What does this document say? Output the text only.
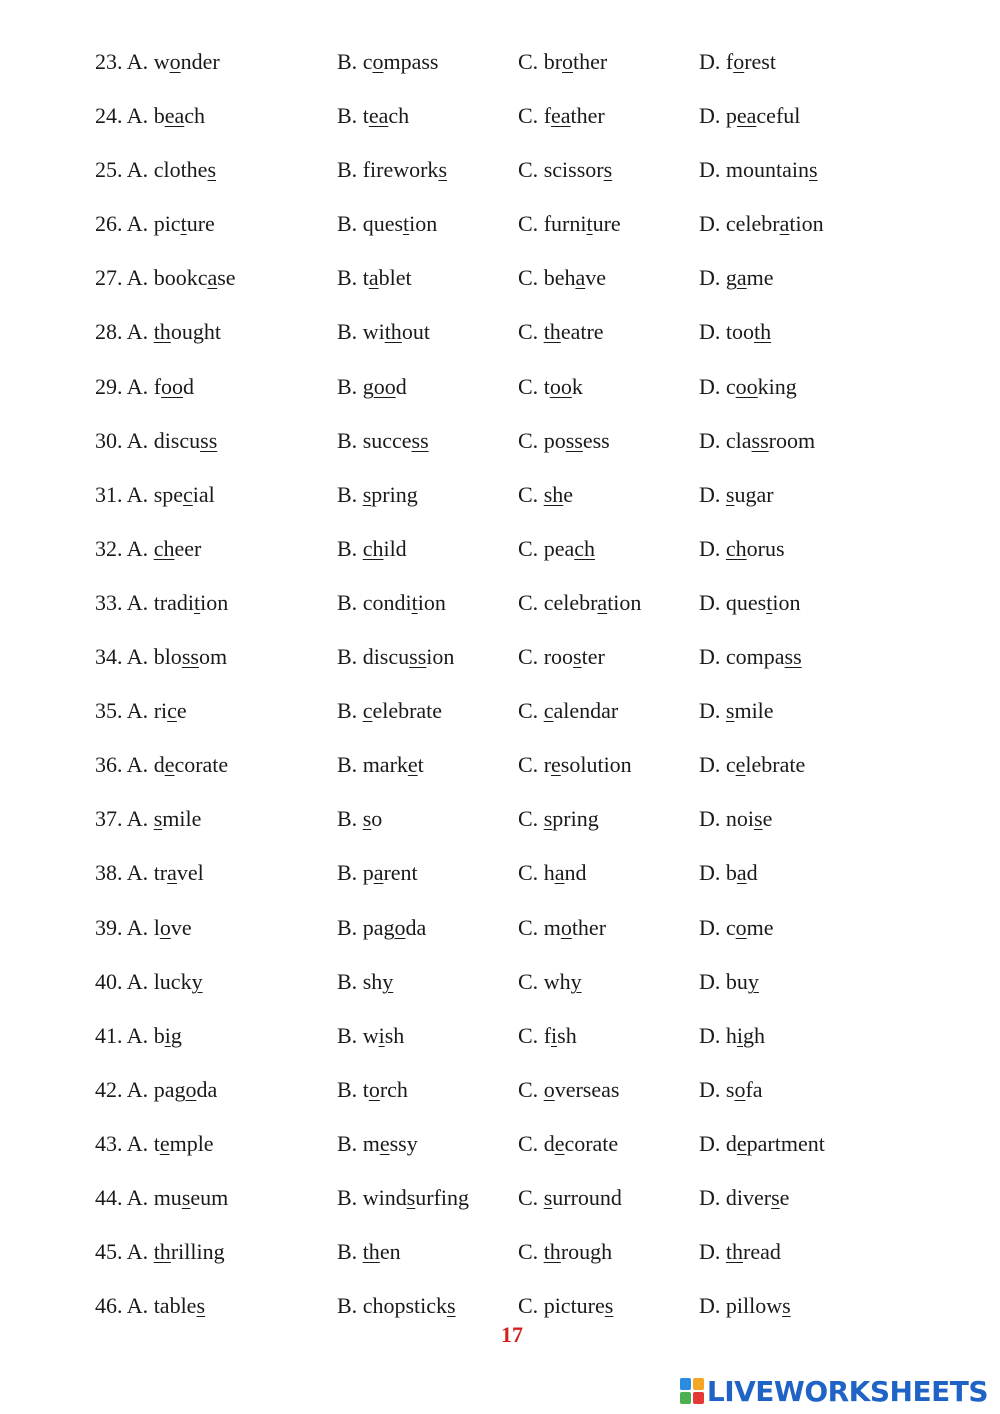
23. A. wonder	B. compass	C. brother	D. forest
24. A. beach	B. teach	C. feather	D. peaceful
25. A. clothes	B. fireworks	C. scissors	D. mountains
26. A. picture	B. question	C. furniture	D. celebration
27. A. bookcase	B. tablet	C. behave	D. game
28. A. thought	B. without	C. theatre	D. tooth
29. A. food	B. good	C. took	D. cooking
30. A. discuss	B. success	C. possess	D. classroom
31. A. special	B. spring	C. she	D. sugar
32. A. cheer	B. child	C. peach	D. chorus
33. A. tradition	B. condition	C. celebration	D. question
34. A. blossom	B. discussion	C. rooster	D. compass
35. A. rice	B. celebrate	C. calendar	D. smile
36. A. decorate	B. market	C. resolution	D. celebrate
37. A. smile	B. so	C. spring	D. noise
38. A. travel	B. parent	C. hand	D. bad
39. A. love	B. pagoda	C. mother	D. come
40. A. lucky	B. shy	C. why	D. buy
41. A. big	B. wish	C. fish	D. high
42. A. pagoda	B. torch	C. overseas	D. sofa
43. A. temple	B. messy	C. decorate	D. department
44. A. museum	B. windsurfing C. surround	D. diverse
45. A. thrilling	B. then	C. through	D. thread
46. A. tables	B. chopsticks	C. pictures	D. pillows
17
LIVEWORKSHEETS
